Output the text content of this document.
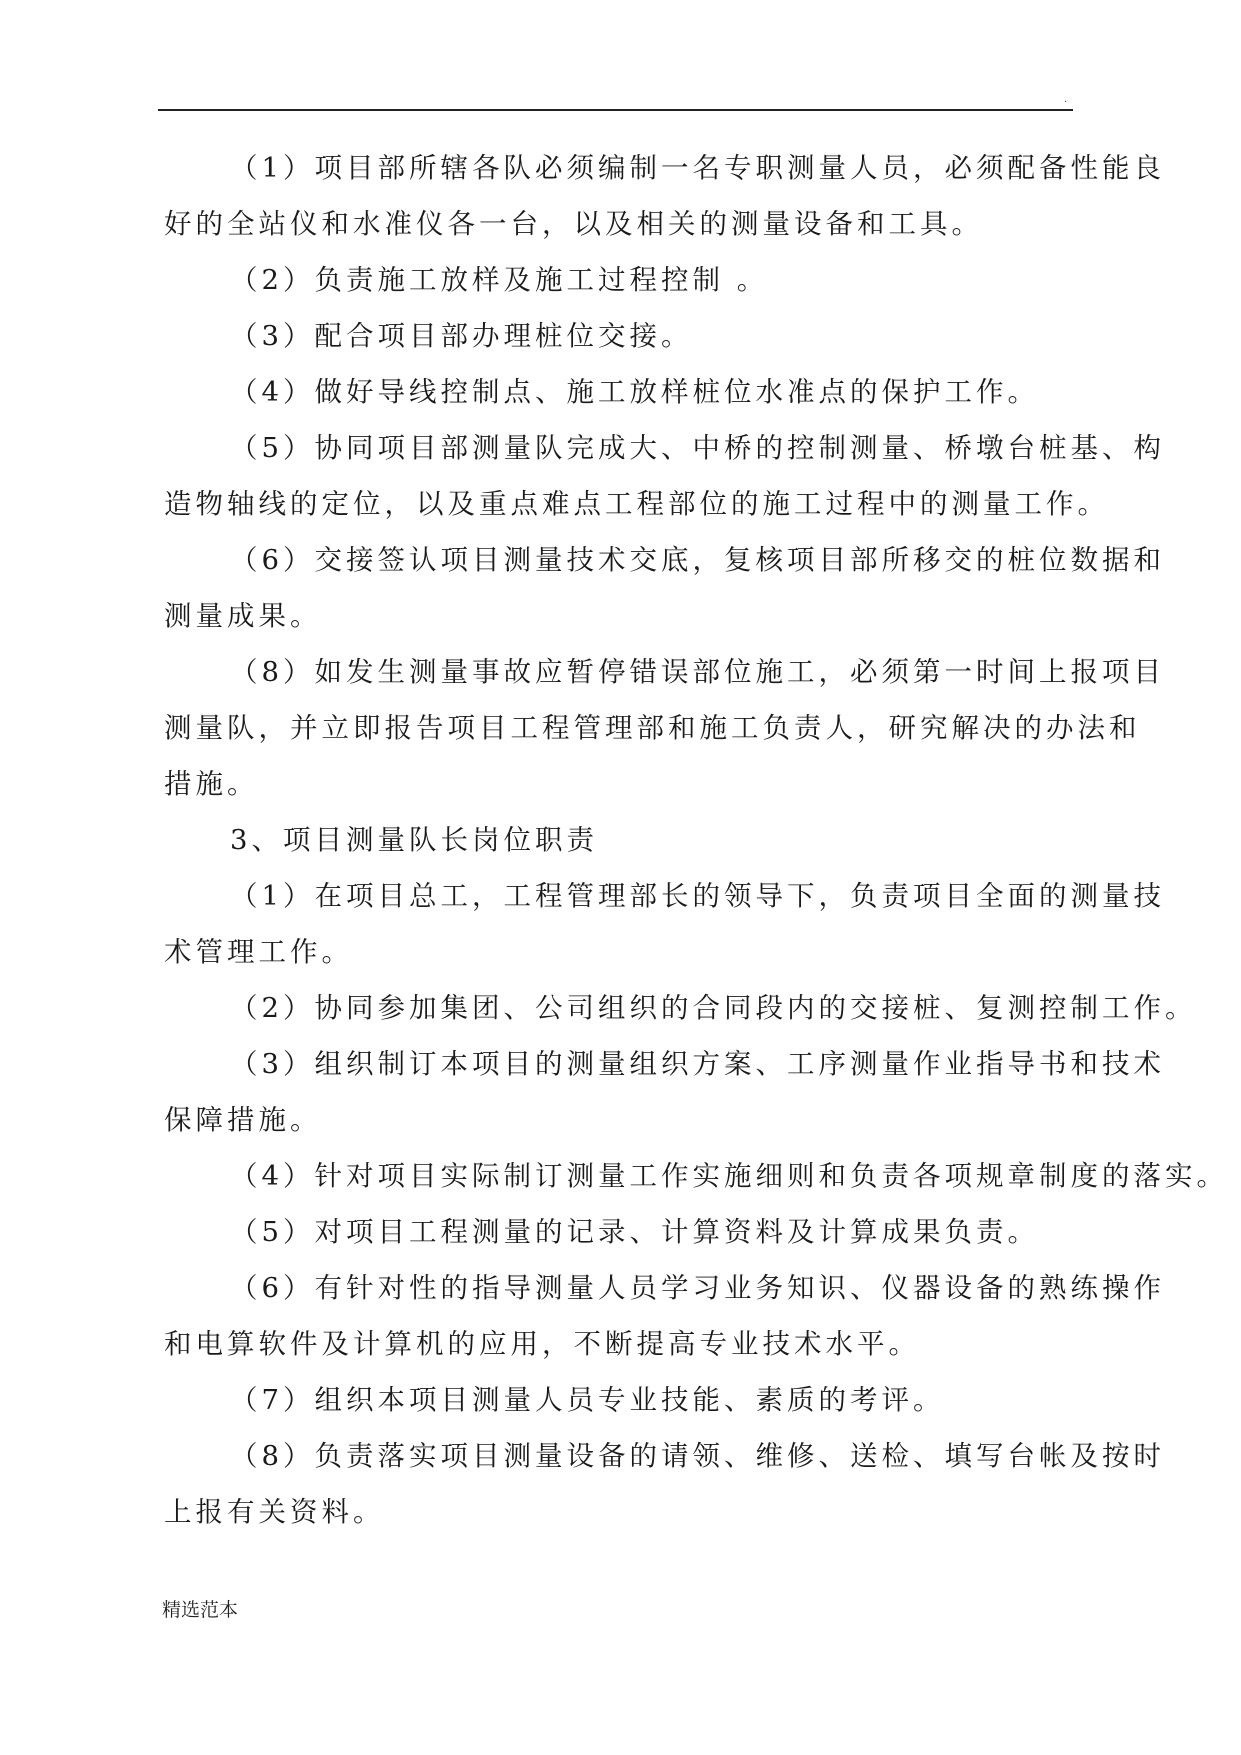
.
（1）项目部所辖各队必须编制一名专职测量人员，必须配备性能良
好的全站仪和水准仪各一台，以及相关的测量设备和工具。
（2）负责施工放样及施工过程控制 。
（3）配合项目部办理桩位交接。
（4）做好导线控制点、施工放样桩位水准点的保护工作。
（5）协同项目部测量队完成大、中桥的控制测量、桥墩台桩基、构
造物轴线的定位，以及重点难点工程部位的施工过程中的测量工作。
（6）交接签认项目测量技术交底，复核项目部所移交的桩位数据和
测量成果。
（8）如发生测量事故应暂停错误部位施工，必须第一时间上报项目
测量队，并立即报告项目工程管理部和施工负责人，研究解决的办法和
措施。
3、项目测量队长岗位职责
（1）在项目总工，工程管理部长的领导下，负责项目全面的测量技
术管理工作。
（2）协同参加集团、公司组织的合同段内的交接桩、复测控制工作。
（3）组织制订本项目的测量组织方案、工序测量作业指导书和技术
保障措施。
（4）针对项目实际制订测量工作实施细则和负责各项规章制度的落实。
（5）对项目工程测量的记录、计算资料及计算成果负责。
（6）有针对性的指导测量人员学习业务知识、仪器设备的熟练操作
和电算软件及计算机的应用，不断提高专业技术水平。
（7）组织本项目测量人员专业技能、素质的考评。
（8）负责落实项目测量设备的请领、维修、送检、填写台帐及按时
上报有关资料。
精选范本
